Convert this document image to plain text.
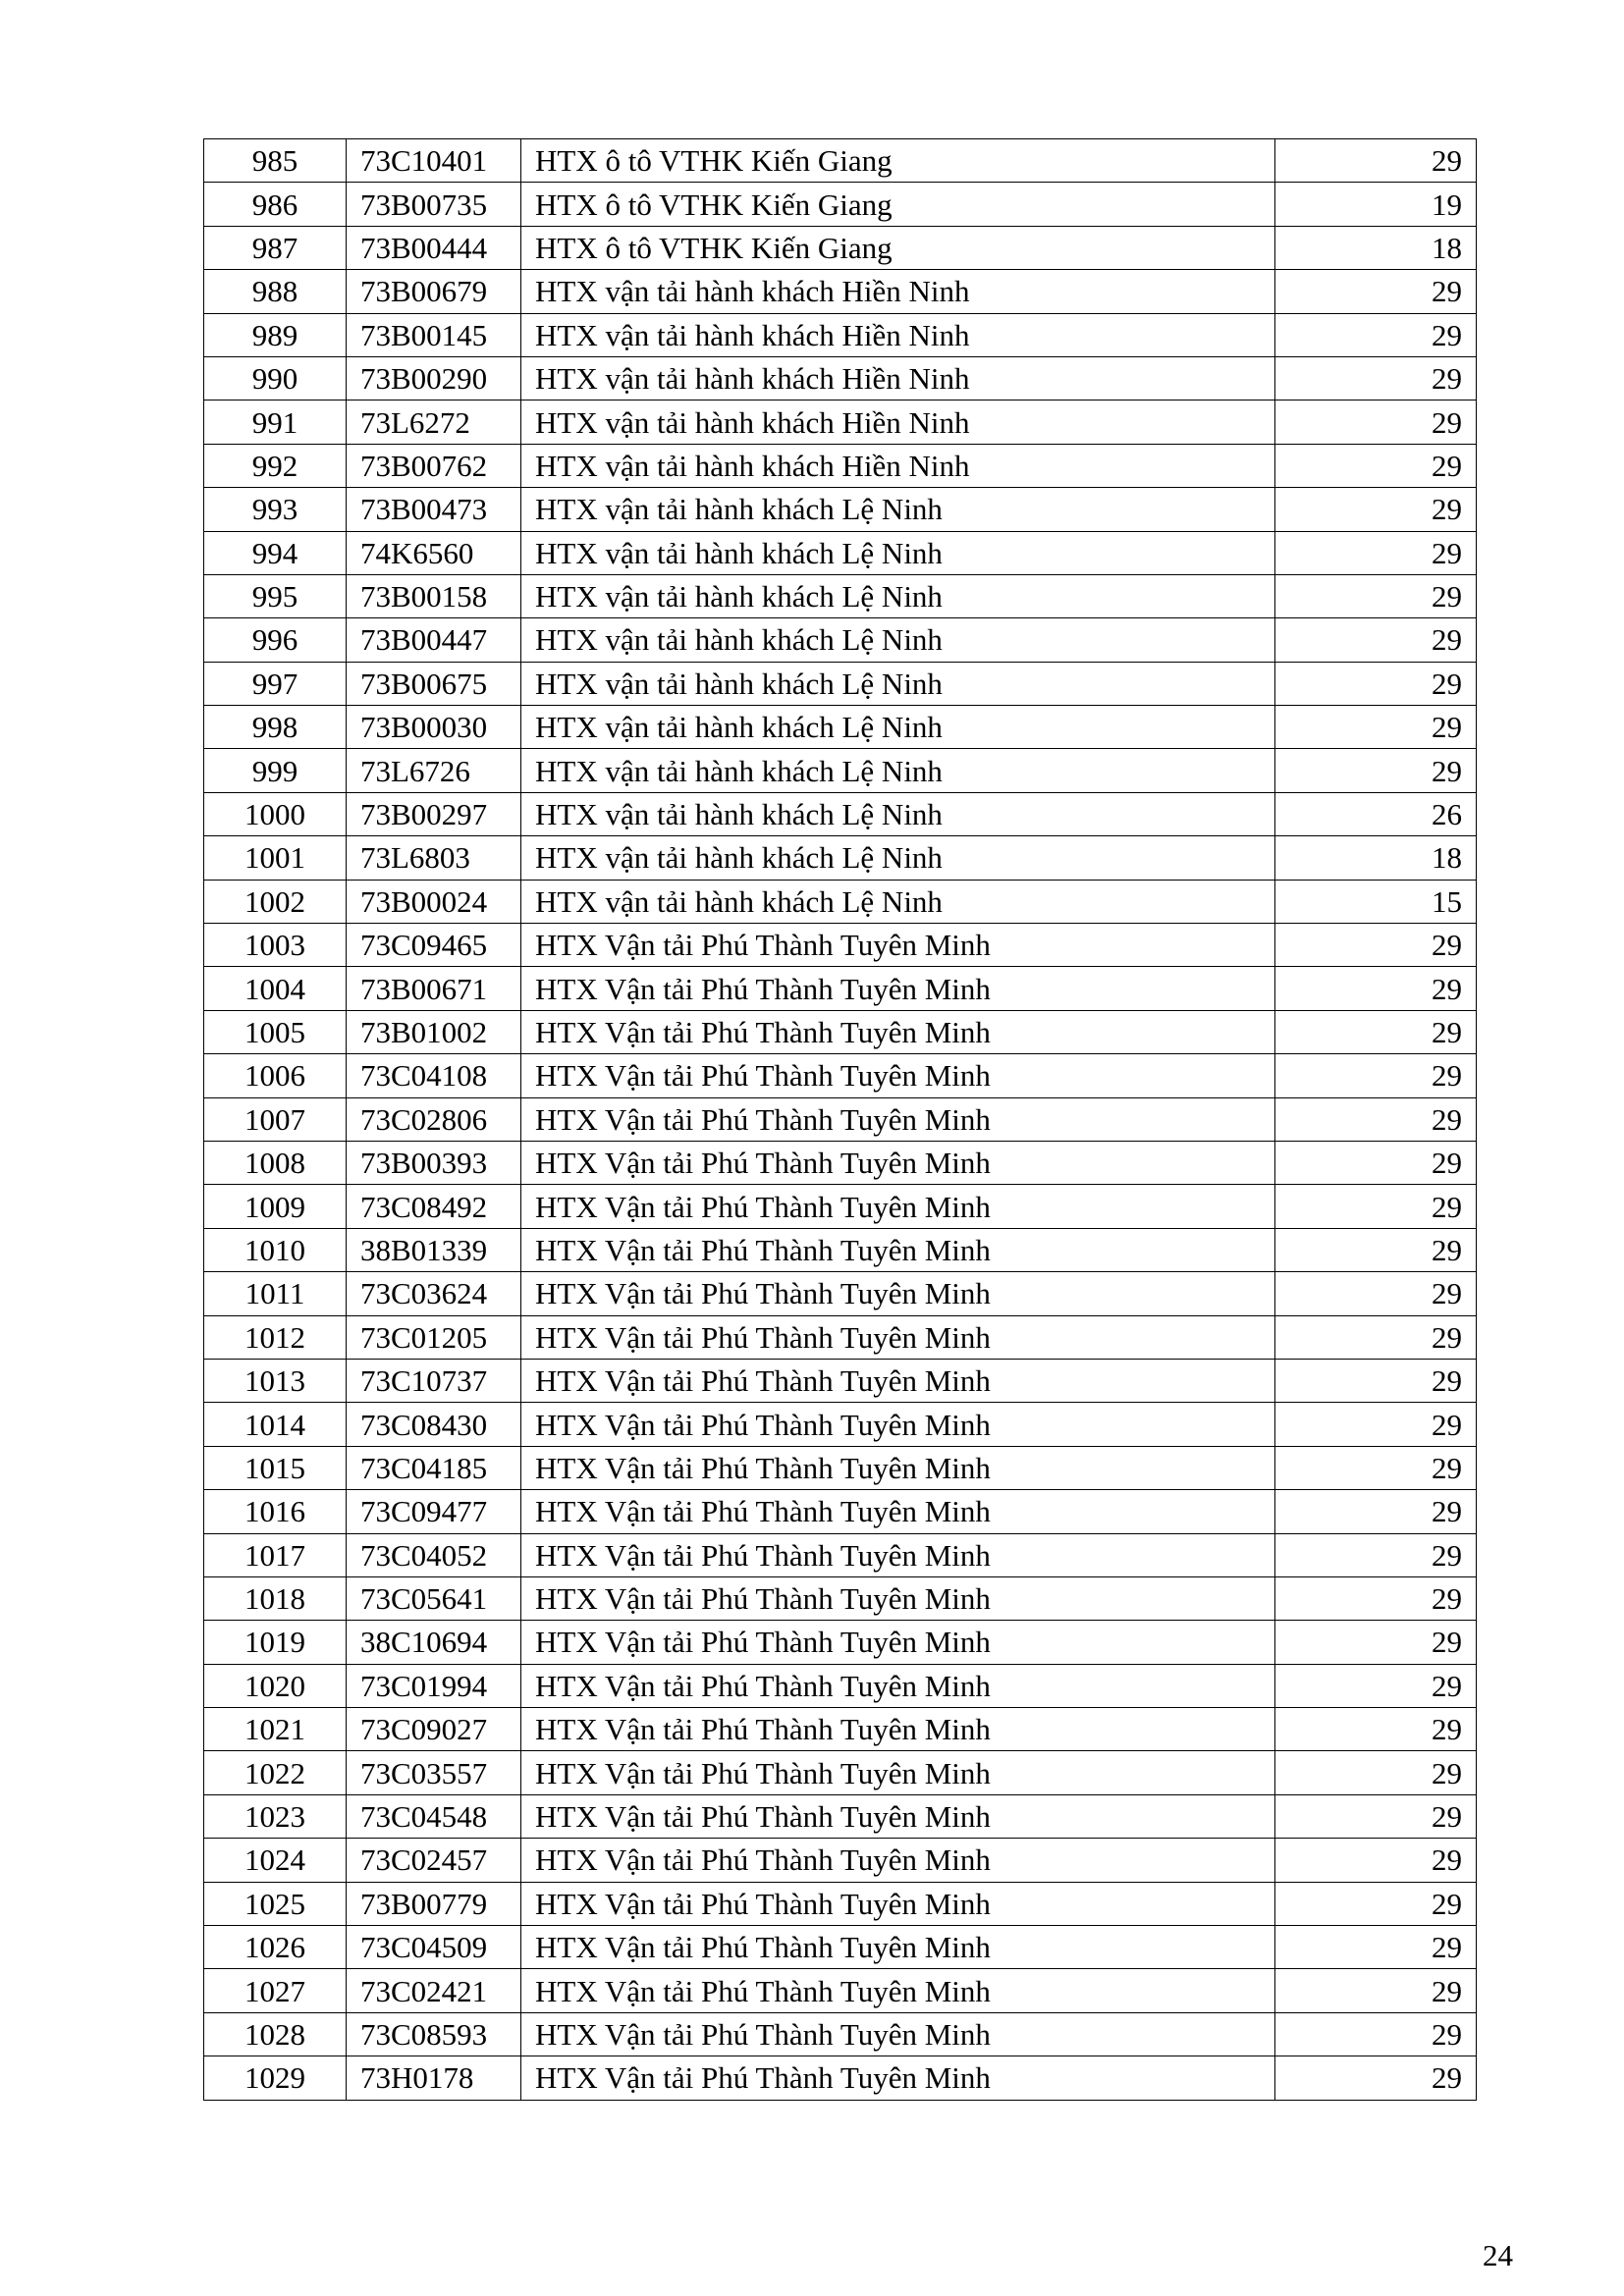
985	73C10401	HTX ô tô VTHK Kiến Giang	29
986	73B00735	HTX ô tô VTHK Kiến Giang	19
987	73B00444	HTX ô tô VTHK Kiến Giang	18
988	73B00679	HTX vận tải hành khách Hiền Ninh	29
989	73B00145	HTX vận tải hành khách Hiền Ninh	29
990	73B00290	HTX vận tải hành khách Hiền Ninh	29
991	73L6272	HTX vận tải hành khách Hiền Ninh	29
992	73B00762	HTX vận tải hành khách Hiền Ninh	29
993	73B00473	HTX vận tải hành khách Lệ Ninh	29
994	74K6560	HTX vận tải hành khách Lệ Ninh	29
995	73B00158	HTX vận tải hành khách Lệ Ninh	29
996	73B00447	HTX vận tải hành khách Lệ Ninh	29
997	73B00675	HTX vận tải hành khách Lệ Ninh	29
998	73B00030	HTX vận tải hành khách Lệ Ninh	29
999	73L6726	HTX vận tải hành khách Lệ Ninh	29
1000	73B00297	HTX vận tải hành khách Lệ Ninh	26
1001	73L6803	HTX vận tải hành khách Lệ Ninh	18
1002	73B00024	HTX vận tải hành khách Lệ Ninh	15
1003	73C09465	HTX Vận tải Phú Thành Tuyên Minh	29
1004	73B00671	HTX Vận tải Phú Thành Tuyên Minh	29
1005	73B01002	HTX Vận tải Phú Thành Tuyên Minh	29
1006	73C04108	HTX Vận tải Phú Thành Tuyên Minh	29
1007	73C02806	HTX Vận tải Phú Thành Tuyên Minh	29
1008	73B00393	HTX Vận tải Phú Thành Tuyên Minh	29
1009	73C08492	HTX Vận tải Phú Thành Tuyên Minh	29
1010	38B01339	HTX Vận tải Phú Thành Tuyên Minh	29
1011	73C03624	HTX Vận tải Phú Thành Tuyên Minh	29
1012	73C01205	HTX Vận tải Phú Thành Tuyên Minh	29
1013	73C10737	HTX Vận tải Phú Thành Tuyên Minh	29
1014	73C08430	HTX Vận tải Phú Thành Tuyên Minh	29
1015	73C04185	HTX Vận tải Phú Thành Tuyên Minh	29
1016	73C09477	HTX Vận tải Phú Thành Tuyên Minh	29
1017	73C04052	HTX Vận tải Phú Thành Tuyên Minh	29
1018	73C05641	HTX Vận tải Phú Thành Tuyên Minh	29
1019	38C10694	HTX Vận tải Phú Thành Tuyên Minh	29
1020	73C01994	HTX Vận tải Phú Thành Tuyên Minh	29
1021	73C09027	HTX Vận tải Phú Thành Tuyên Minh	29
1022	73C03557	HTX Vận tải Phú Thành Tuyên Minh	29
1023	73C04548	HTX Vận tải Phú Thành Tuyên Minh	29
1024	73C02457	HTX Vận tải Phú Thành Tuyên Minh	29
1025	73B00779	HTX Vận tải Phú Thành Tuyên Minh	29
1026	73C04509	HTX Vận tải Phú Thành Tuyên Minh	29
1027	73C02421	HTX Vận tải Phú Thành Tuyên Minh	29
1028	73C08593	HTX Vận tải Phú Thành Tuyên Minh	29
1029	73H0178	HTX Vận tải Phú Thành Tuyên Minh	29
24
